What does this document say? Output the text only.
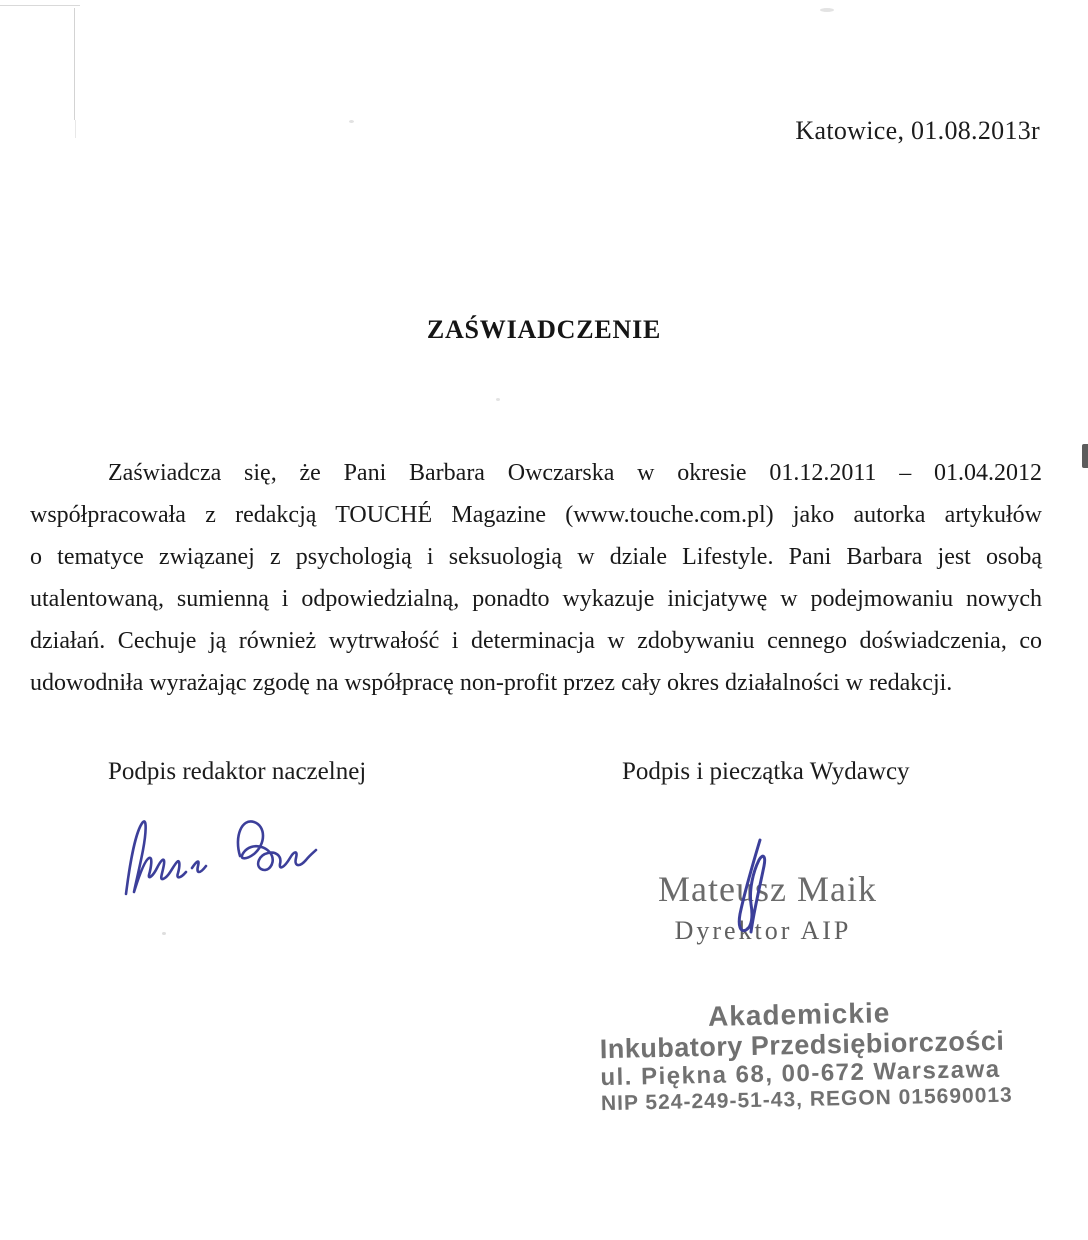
Katowice, 01.08.2013r
ZAŚWIADCZENIE
Zaświadcza się, że Pani Barbara Owczarska w okresie 01.12.2011 – 01.04.2012
współpracowała z redakcją TOUCHÉ Magazine (www.touche.com.pl) jako autorka artykułów
o tematyce związanej z psychologią i seksuologią w dziale Lifestyle. Pani Barbara jest osobą
utalentowaną, sumienną i odpowiedzialną, ponadto wykazuje inicjatywę w podejmowaniu nowych
działań. Cechuje ją również wytrwałość i determinacja w zdobywaniu cennego doświadczenia, co
udowodniła wyrażając zgodę na współpracę non-profit przez cały okres działalności w redakcji.
Podpis redaktor naczelnej	Podpis i pieczątka Wydawcy
Mateusz Maik
Dyrektor AIP
Akademickie
Inkubatory Przedsiębiorczości
ul. Piękna 68, 00-672 Warszawa
NIP 524-249-51-43, REGON 015690013
